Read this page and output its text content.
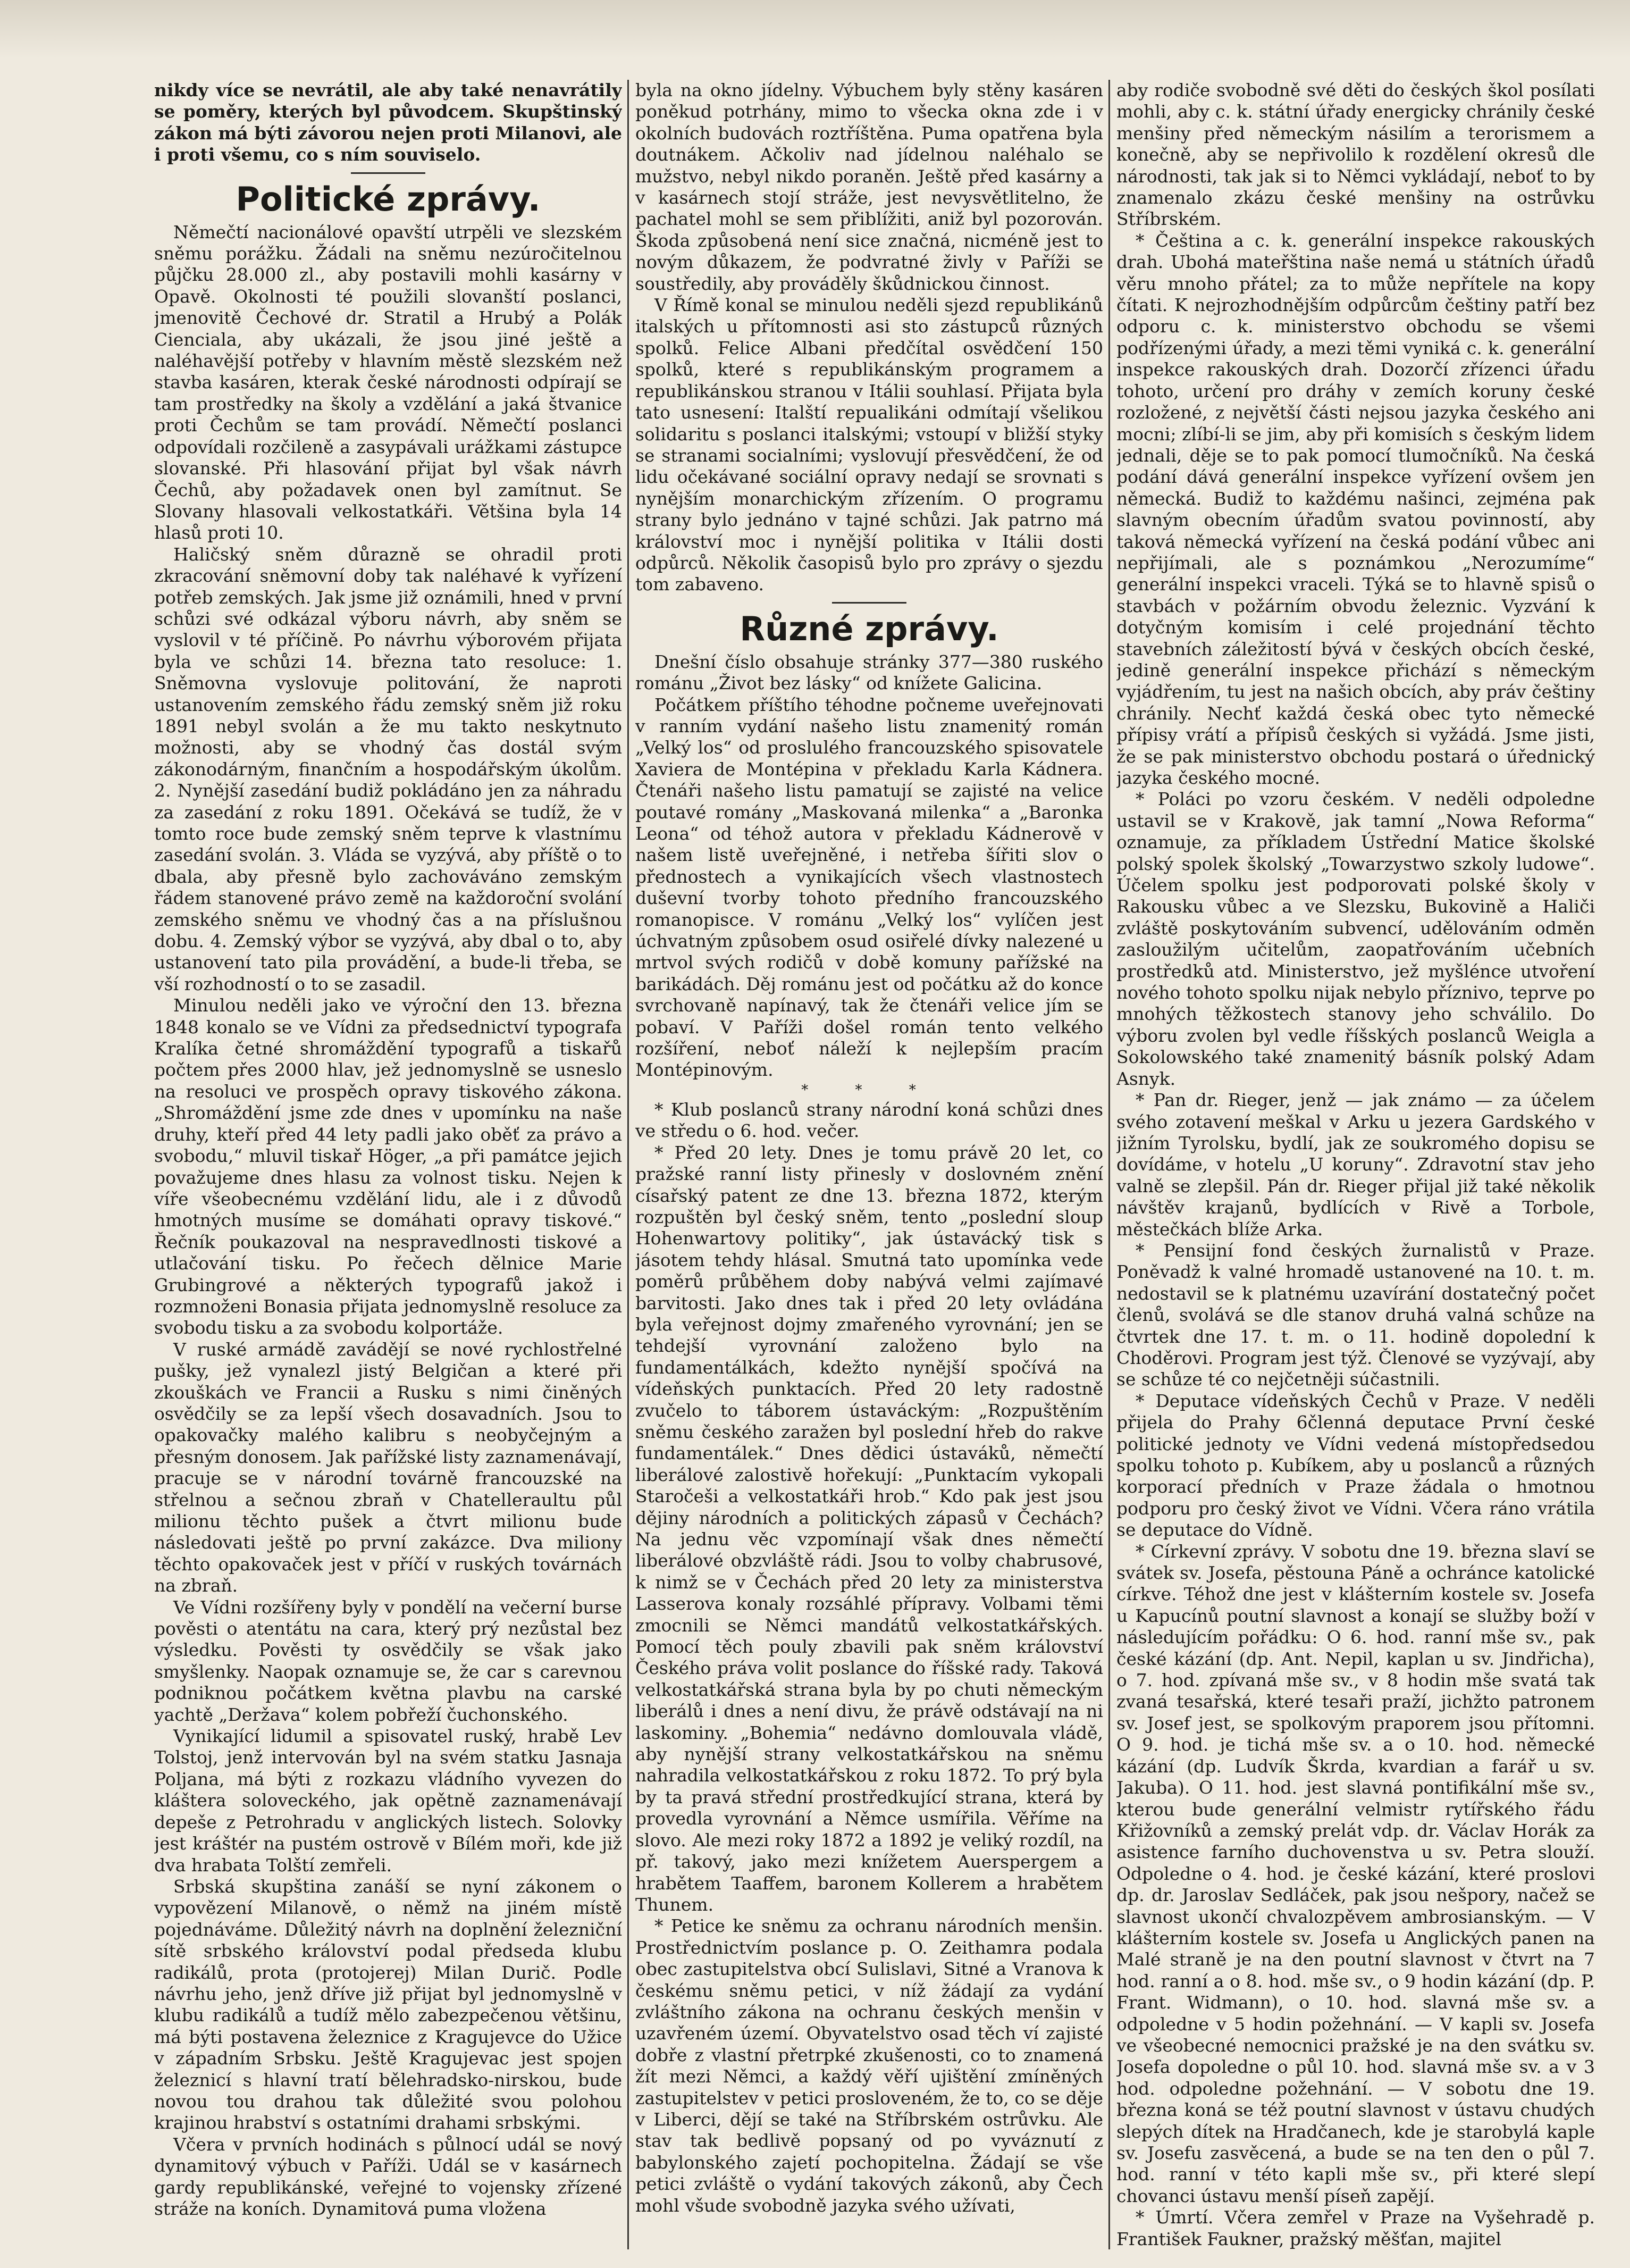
nikdy více se nevrátil, ale aby také nenavrátily se poměry, kterých byl původcem. Skupštinský zákon má býti závorou nejen proti Milanovi, ale i proti všemu, co s ním souviselo.

Politické zprávy.

Němečtí nacionálové opavští utrpěli ve slezském sněmu porážku. Žádali na sněmu nezúročitelnou půjčku 28.000 zl., aby postavili mohli kasárny v Opavě. Okolnosti té použili slovanští poslanci, jmenovitě Čechové dr. Stratil a Hrubý a Polák Cienciala, aby ukázali, že jsou jiné ještě a naléhavější potřeby v hlavním městě slezském než stavba kasáren, kterak české národnosti odpírají se tam prostředky na školy a vzdělání a jaká štvanice proti Čechům se tam provádí. Němečtí poslanci odpovídali rozčileně a zasypávali urážkami zástupce slovanské. Při hlasování přijat byl však návrh Čechů, aby požadavek onen byl zamítnut. Se Slovany hlasovali velkostatkáři. Většina byla 14 hlasů proti 10.

Haličský sněm důrazně se ohradil proti zkracování sněmovní doby tak naléhavé k vyřízení potřeb zemských. Jak jsme již oznámili, hned v první schůzi své odkázal výboru návrh, aby sněm se vyslovil v té příčině. Po návrhu výborovém přijata byla ve schůzi 14. března tato resoluce: 1. Sněmovna vyslovuje politování, že naproti ustanovením zemského řádu zemský sněm již roku 1891 nebyl svolán a že mu takto neskytnuto možnosti, aby se vhodný čas dostál svým zákonodárným, finančním a hospodářským úkolům. 2. Nynější zasedání budiž pokládáno jen za náhradu za zasedání z roku 1891. Očekává se tudíž, že v tomto roce bude zemský sněm teprve k vlastnímu zasedání svolán. 3. Vláda se vyzývá, aby příště o to dbala, aby přesně bylo zachováváno zemským řádem stanovené právo země na každoroční svolání zemského sněmu ve vhodný čas a na příslušnou dobu. 4. Zemský výbor se vyzývá, aby dbal o to, aby ustanovení tato pila provádění, a bude-li třeba, se vší rozhodností o to se zasadil.

Minulou neděli jako ve výroční den 13. března 1848 konalo se ve Vídni za předsednictví typografa Kralíka četné shromáždění typografů a tiskařů počtem přes 2000 hlav, jež jednomyslně se usneslo na resoluci ve prospěch opravy tiskového zákona. „Shromáždění jsme zde dnes v upomínku na naše druhy, kteří před 44 lety padli jako oběť za právo a svobodu,“ mluvil tiskař Höger, „a při památce jejich považujeme dnes hlasu za volnost tisku. Nejen k víře všeobecnému vzdělání lidu, ale i z důvodů hmotných musíme se domáhati opravy tiskové.“ Řečník poukazoval na nespravedlnosti tiskové a utlačování tisku. Po řečech dělnice Marie Grubingrové a některých typografů jakož i rozmnoženi Bonasia přijata jednomyslně resoluce za svobodu tisku a za svobodu kolportáže.

V ruské armádě zavádějí se nové rychlostřelné pušky, jež vynalezl jistý Belgičan a které při zkouškách ve Francii a Rusku s nimi činěných osvědčily se za lepší všech dosavadních. Jsou to opakovačky malého kalibru s neobyčejným a přesným donosem. Jak pařížské listy zaznamenávají, pracuje se v národní továrně francouzské na střelnou a sečnou zbraň v Chatelleraultu půl milionu těchto pušek a čtvrt milionu bude následovati ještě po první zakázce. Dva miliony těchto opakovaček jest v příčí v ruských továrnách na zbraň.

Ve Vídni rozšířeny byly v pondělí na večerní burse pověsti o atentátu na cara, který prý nezůstal bez výsledku. Pověsti ty osvědčily se však jako smyšlenky. Naopak oznamuje se, že car s carevnou podniknou počátkem května plavbu na carské yachtě „Deržava“ kolem pobřeží čuchonského.

Vynikající lidumil a spisovatel ruský, hrabě Lev Tolstoj, jenž intervován byl na svém statku Jasnaja Poljana, má býti z rozkazu vládního vyvezen do kláštera soloveckého, jak opětně zaznamenávají depeše z Petrohradu v anglických listech. Solovky jest kráštér na pustém ostrově v Bílém moři, kde již dva hrabata Tolští zemřeli.

Srbská skupština zanáší se nyní zákonem o vypovězení Milanově, o němž na jiném místě pojednáváme. Důležitý návrh na doplnění železniční sítě srbského království podal předseda klubu radikálů, prota (protojerej) Milan Durič. Podle návrhu jeho, jenž dříve již přijat byl jednomyslně v klubu radikálů a tudíž mělo zabezpečenou většinu, má býti postavena železnice z Kragujevce do Užice v západním Srbsku. Ještě Kragujevac jest spojen železnicí s hlavní tratí bělehradsko-nirskou, bude novou tou drahou tak důležité svou polohou krajinou hrabství s ostatními drahami srbskými.

Včera v prvních hodinách s půlnocí udál se nový dynamitový výbuch v Paříži. Udál se v kasárnech gardy republikánské, veřejné to vojensky zřízené stráže na koních. Dynamitová puma vložena

byla na okno jídelny. Výbuchem byly stěny kasáren poněkud potrhány, mimo to všecka okna zde i v okolních budovách roztříštěna. Puma opatřena byla doutnákem. Ačkoliv nad jídelnou naléhalo se mužstvo, nebyl nikdo poraněn. Ještě před kasárny a v kasárnech stojí stráže, jest nevysvětlitelno, že pachatel mohl se sem přiblížiti, aniž byl pozorován. Škoda způsobená není sice značná, nicméně jest to novým důkazem, že podvratné živly v Paříži se soustředily, aby prováděly škůdnickou činnost.

V Římě konal se minulou neděli sjezd republikánů italských u přítomnosti asi sto zástupců různých spolků. Felice Albani předčítal osvědčení 150 spolků, které s republikánským programem a republikánskou stranou v Itálii souhlasí. Přijata byla tato usnesení: Italští repualikáni odmítají všelikou solidaritu s poslanci italskými; vstoupí v bližší styky se stranami socialními; vyslovují přesvědčení, že od lidu očekávané sociální opravy nedají se srovnati s nynějším monarchickým zřízením. O programu strany bylo jednáno v tajné schůzi. Jak patrno má království moc i nynější politika v Itálii dosti odpůrců. Několik časopisů bylo pro zprávy o sjezdu tom zabaveno.

Různé zprávy.

Dnešní číslo obsahuje stránky 377—380 ruského románu „Život bez lásky“ od knížete Galicina.

Počátkem příštího téhodne počneme uveřejnovati v ranním vydání našeho listu znamenitý román „Velký los“ od proslulého francouzského spisovatele Xaviera de Montépina v překladu Karla Kádnera. Čtenáři našeho listu pamatují se zajisté na velice poutavé romány „Maskovaná milenka“ a „Baronka Leona“ od téhož autora v překladu Kádnerově v našem listě uveřejněné, i netřeba šířiti slov o přednostech a vynikajících všech vlastnostech duševní tvorby tohoto předního francouzského romanopisce. V románu „Velký los“ vylíčen jest úchvatným způsobem osud osiřelé dívky nalezené u mrtvol svých rodičů v době komuny pařížské na barikádách. Děj románu jest od počátku až do konce svrchovaně napínavý, tak že čtenáři velice jím se pobaví. V Paříži došel román tento velkého rozšíření, neboť náleží k nejlepším pracím Montépinovým.

* * *

* Klub poslanců strany národní koná schůzi dnes ve středu o 6. hod. večer.

* Před 20 lety. Dnes je tomu právě 20 let, co pražské ranní listy přinesly v doslovném znění císařský patent ze dne 13. března 1872, kterým rozpuštěn byl český sněm, tento „poslední sloup Hohenwartovy politiky“, jak ústavácký tisk s jásotem tehdy hlásal. Smutná tato upomínka vede poměrů průběhem doby nabývá velmi zajímavé barvitosti. Jako dnes tak i před 20 lety ovládána byla veřejnost dojmy zmařeného vyrovnání; jen se tehdejší vyrovnání založeno bylo na fundamentálkách, kdežto nynější spočívá na vídeňských punktacích. Před 20 lety radostně zvučelo to táborem ústaváckým: „Rozpuštěním sněmu českého zaražen byl poslední hřeb do rakve fundamentálek.“ Dnes dědici ústaváků, němečtí liberálové zalostivě hořekují: „Punktacím vykopali Staročeši a velkostatkáři hrob.“ Kdo pak jest jsou dějiny národních a politických zápasů v Čechách? Na jednu věc vzpomínají však dnes němečtí liberálové obzvláště rádi. Jsou to volby chabrusové, k nimž se v Čechách před 20 lety za ministerstva Lasserova konaly rozsáhlé přípravy. Volbami těmi zmocnili se Němci mandátů velkostatkářských. Pomocí těch pouly zbavili pak sněm království Českého práva volit poslance do říšské rady. Taková velkostatkářská strana byla by po chuti německým liberálů i dnes a není divu, že právě odstávají na ni laskominy. „Bohemia“ nedávno domlouvala vládě, aby nynější strany velkostatkářskou na sněmu nahradila velkostatkářskou z roku 1872. To prý byla by ta pravá střední prostředkující strana, která by provedla vyrovnání a Němce usmířila. Věříme na slovo. Ale mezi roky 1872 a 1892 je veliký rozdíl, na př. takový, jako mezi knížetem Auerspergem a hrabětem Taaffem, baronem Kollerem a hrabětem Thunem.

* Petice ke sněmu za ochranu národních menšin. Prostřednictvím poslance p. O. Zeithamra podala obec zastupitelstva obcí Sulislavi, Sitné a Vranova k českému sněmu petici, v níž žádají za vydání zvláštního zákona na ochranu českých menšin v uzavřeném území. Obyvatelstvo osad těch ví zajisté dobře z vlastní přetrpké zkušenosti, co to znamená žít mezi Němci, a každý věří ujištění zmíněných zastupitelstev v petici prosloveném, že to, co se děje v Liberci, dějí se také na Stříbrském ostrůvku. Ale stav tak bedlivě popsaný od po vyváznutí z babylonského zajetí pochopitelna. Žádají se vše petici zvláště o vydání takových zákonů, aby Čech mohl všude svobodně jazyka svého užívati,

aby rodiče svobodně své děti do českých škol posílati mohli, aby c. k. státní úřady energicky chránily české menšiny před německým násilím a terorismem a konečně, aby se nepřivolilo k rozdělení okresů dle národnosti, tak jak si to Němci vykládají, neboť to by znamenalo zkázu české menšiny na ostrůvku Stříbrském.

* Čeština a c. k. generální inspekce rakouských drah. Ubohá mateřština naše nemá u státních úřadů věru mnoho přátel; za to může nepřítele na kopy čítati. K nejrozhodnějším odpůrcům češtiny patří bez odporu c. k. ministerstvo obchodu se všemi podřízenými úřady, a mezi těmi vyniká c. k. generální inspekce rakouských drah. Dozorčí zřízenci úřadu tohoto, určení pro dráhy v zemích koruny české rozložené, z největší části nejsou jazyka českého ani mocni; zlíbí-li se jim, aby při komisích s českým lidem jednali, děje se to pak pomocí tlumočníků. Na česká podání dává generální inspekce vyřízení ovšem jen německá. Budiž to každému našinci, zejména pak slavným obecním úřadům svatou povinností, aby taková německá vyřízení na česká podání vůbec ani nepřijímali, ale s poznámkou „Nerozumíme“ generální inspekci vraceli. Týká se to hlavně spisů o stavbách v požárním obvodu železnic. Vyzvání k dotyčným komisím i celé projednání těchto stavebních záležitostí bývá v českých obcích české, jedině generální inspekce přichází s německým vyjádřením, tu jest na našich obcích, aby práv češtiny chránily. Nechť každá česká obec tyto německé přípisy vrátí a přípisů českých si vyžádá. Jsme jisti, že se pak ministerstvo obchodu postará o úřednický jazyka českého mocné.

* Poláci po vzoru českém. V neděli odpoledne ustavil se v Krakově, jak tamní „Nowa Reforma“ oznamuje, za příkladem Ústřední Matice školské polský spolek školský „Towarzystwo szkoly ludowe“. Účelem spolku jest podporovati polské školy v Rakousku vůbec a ve Slezsku, Bukovině a Haliči zvláště poskytováním subvencí, udělováním odměn zasloužilým učitelům, zaopatřováním učebních prostředků atd. Ministerstvo, jež myšlénce utvoření nového tohoto spolku nijak nebylo příznivo, teprve po mnohých těžkostech stanovy jeho schválilo. Do výboru zvolen byl vedle říšských poslanců Weigla a Sokolowského také znamenitý básník polský Adam Asnyk.

* Pan dr. Rieger, jenž — jak známo — za účelem svého zotavení meškal v Arku u jezera Gardského v jižním Tyrolsku, bydlí, jak ze soukromého dopisu se dovídáme, v hotelu „U koruny“. Zdravotní stav jeho valně se zlepšil. Pán dr. Rieger přijal již také několik návštěv krajanů, bydlících v Rivě a Torbole, městečkách blíže Arka.

* Pensijní fond českých žurnalistů v Praze. Poněvadž k valné hromadě ustanovené na 10. t. m. nedostavil se k platnému uzavírání dostatečný počet členů, svolává se dle stanov druhá valná schůze na čtvrtek dne 17. t. m. o 11. hodině dopolední k Choděrovi. Program jest týž. Členové se vyzývají, aby se schůze té co nejčetněji súčastnili.

* Deputace vídeňských Čechů v Praze. V neděli přijela do Prahy 6členná deputace První české politické jednoty ve Vídni vedená místopředsedou spolku tohoto p. Kubíkem, aby u poslanců a různých korporací předních v Praze žádala o hmotnou podporu pro český život ve Vídni. Včera ráno vrátila se deputace do Vídně.

* Církevní zprávy. V sobotu dne 19. března slaví se svátek sv. Josefa, pěstouna Páně a ochránce katolické církve. Téhož dne jest v klášterním kostele sv. Josefa u Kapucínů poutní slavnost a konají se služby boží v následujícím pořádku: O 6. hod. ranní mše sv., pak české kázání (dp. Ant. Nepil, kaplan u sv. Jindřicha), o 7. hod. zpívaná mše sv., v 8 hodin mše svatá tak zvaná tesařská, které tesaři praží, jichžto patronem sv. Josef jest, se spolkovým praporem jsou přítomni. O 9. hod. je tichá mše sv. a o 10. hod. německé kázání (dp. Ludvík Škrda, kvardian a farář u sv. Jakuba). O 11. hod. jest slavná pontifikální mše sv., kterou bude generální velmistr rytířského řádu Křižovníků a zemský prelát vdp. dr. Václav Horák za asistence farního duchovenstva u sv. Petra slouží. Odpoledne o 4. hod. je české kázání, které proslovi dp. dr. Jaroslav Sedláček, pak jsou nešpory, načež se slavnost ukončí chvalozpěvem ambrosianským. — V klášterním kostele sv. Josefa u Anglických panen na Malé straně je na den poutní slavnost v čtvrt na 7 hod. ranní a o 8. hod. mše sv., o 9 hodin kázání (dp. P. Frant. Widmann), o 10. hod. slavná mše sv. a odpoledne v 5 hodin požehnání. — V kapli sv. Josefa ve všeobecné nemocnici pražské je na den svátku sv. Josefa dopoledne o půl 10. hod. slavná mše sv. a v 3 hod. odpoledne požehnání. — V sobotu dne 19. března koná se též poutní slavnost v ústavu chudých slepých dítek na Hradčanech, kde je starobylá kaple sv. Josefu zasvěcená, a bude se na ten den o půl 7. hod. ranní v této kapli mše sv., při které slepí chovanci ústavu menší píseň zapějí.

* Úmrtí. Včera zemřel v Praze na Vyšehradě p. František Faukner, pražský měšťan, majitel
